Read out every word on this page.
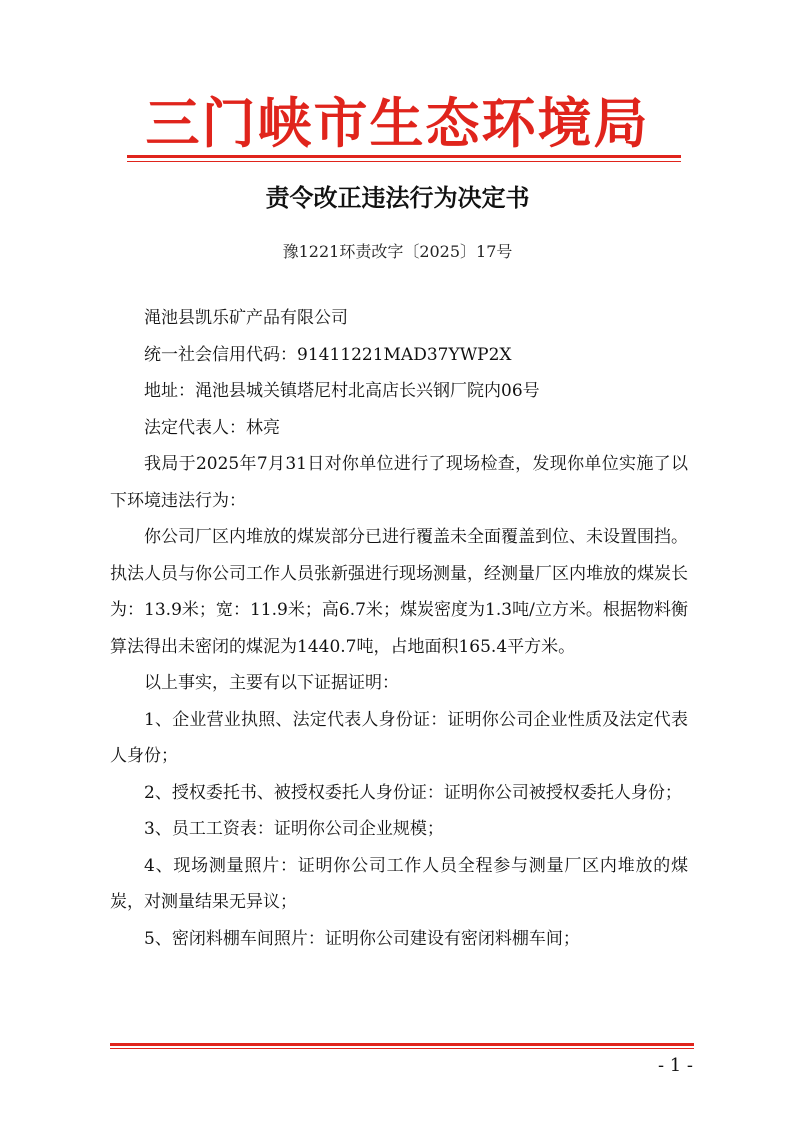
三门峡市生态环境局
责令改正违法行为决定书
豫1221环责改字〔2025〕17号

渑池县凯乐矿产品有限公司

统一社会信用代码：91411221MAD37YWP2X

地址：渑池县城关镇塔尼村北高店长兴钢厂院内06号

法定代表人：林亮

我局于2025年7月31日对你单位进行了现场检查，发现你单位实施了以下环境违法行为：

你公司厂区内堆放的煤炭部分已进行覆盖未全面覆盖到位、未设置围挡。执法人员与你公司工作人员张新强进行现场测量，经测量厂区内堆放的煤炭长为：13.9米；宽：11.9米；高6.7米；煤炭密度为1.3吨/立方米。根据物料衡算法得出未密闭的煤泥为1440.7吨，占地面积165.4平方米。

以上事实，主要有以下证据证明：

1、企业营业执照、法定代表人身份证：证明你公司企业性质及法定代表人身份；

2、授权委托书、被授权委托人身份证：证明你公司被授权委托人身份；

3、员工工资表：证明你公司企业规模；

4、现场测量照片：证明你公司工作人员全程参与测量厂区内堆放的煤炭，对测量结果无异议；

5、密闭料棚车间照片：证明你公司建设有密闭料棚车间；

- 1 -
